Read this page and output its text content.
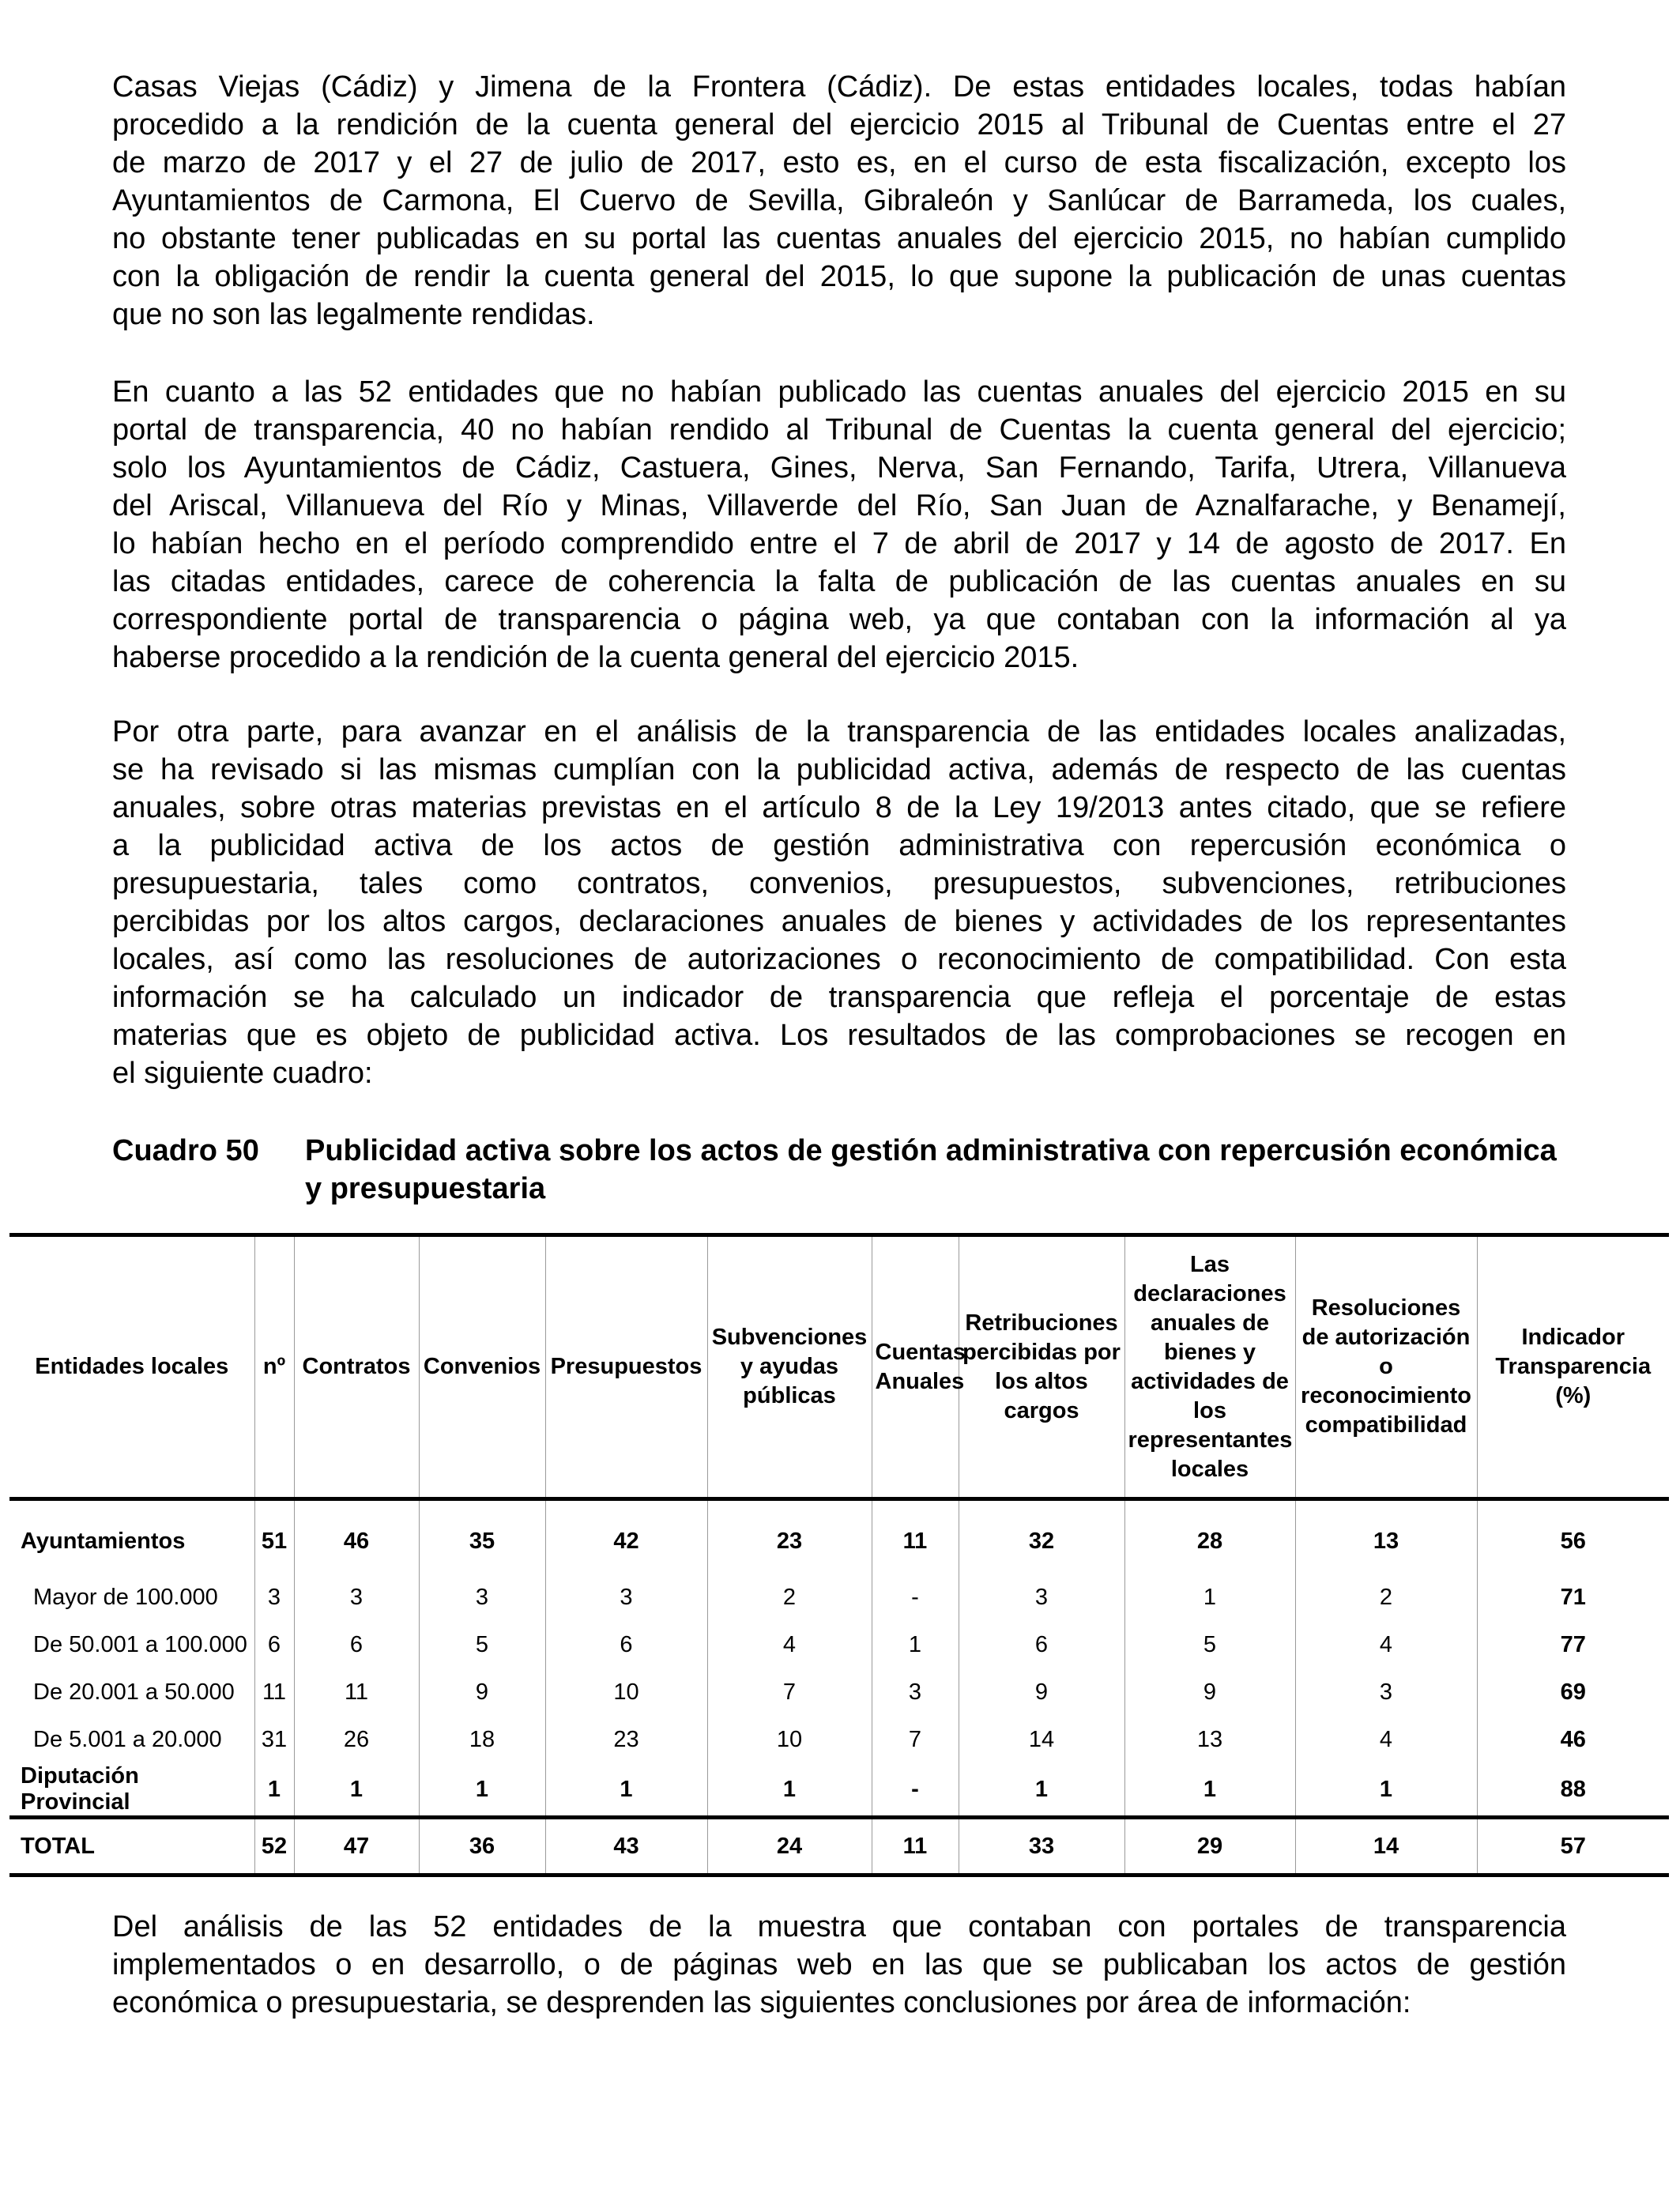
Casas Viejas (Cádiz) y Jimena de la Frontera (Cádiz). De estas entidades locales, todas habían
procedido a la rendición de la cuenta general del ejercicio 2015 al Tribunal de Cuentas entre el 27
de marzo de 2017 y el 27 de julio de 2017, esto es, en el curso de esta fiscalización, excepto los
Ayuntamientos de Carmona, El Cuervo de Sevilla, Gibraleón y Sanlúcar de Barrameda, los cuales,
no obstante tener publicadas en su portal las cuentas anuales del ejercicio 2015, no habían cumplido
con la obligación de rendir la cuenta general del 2015, lo que supone la publicación de unas cuentas
que no son las legalmente rendidas.
En cuanto a las 52 entidades que no habían publicado las cuentas anuales del ejercicio 2015 en su
portal de transparencia, 40 no habían rendido al Tribunal de Cuentas la cuenta general del ejercicio;
solo los Ayuntamientos de Cádiz, Castuera, Gines, Nerva, San Fernando, Tarifa, Utrera, Villanueva
del Ariscal, Villanueva del Río y Minas, Villaverde del Río, San Juan de Aznalfarache, y Benamejí,
lo habían hecho en el período comprendido entre el 7 de abril de 2017 y 14 de agosto de 2017. En
las citadas entidades, carece de coherencia la falta de publicación de las cuentas anuales en su
correspondiente portal de transparencia o página web, ya que contaban con la información al ya
haberse procedido a la rendición de la cuenta general del ejercicio 2015.
Por otra parte, para avanzar en el análisis de la transparencia de las entidades locales analizadas,
se ha revisado si las mismas cumplían con la publicidad activa, además de respecto de las cuentas
anuales, sobre otras materias previstas en el artículo 8 de la Ley 19/2013 antes citado, que se refiere
a la publicidad activa de los actos de gestión administrativa con repercusión económica o
presupuestaria, tales como contratos, convenios, presupuestos, subvenciones, retribuciones
percibidas por los altos cargos, declaraciones anuales de bienes y actividades de los representantes
locales, así como las resoluciones de autorizaciones o reconocimiento de compatibilidad. Con esta
información se ha calculado un indicador de transparencia que refleja el porcentaje de estas
materias que es objeto de publicidad activa. Los resultados de las comprobaciones se recogen en
el siguiente cuadro:
Cuadro 50 Publicidad activa sobre los actos de gestión administrativa con repercusión económica y presupuestaria
Entidades locales	nº	Contratos	Convenios	Presupuestos	Subvenciones y ayudas públicas	Cuentas Anuales	Retribuciones percibidas por los altos cargos	Las declaraciones anuales de bienes y actividades de los representantes locales	Resoluciones de autorización o reconocimiento compatibilidad	Indicador Transparencia (%)
Ayuntamientos	51	46	35	42	23	11	32	28	13	56
Mayor de 100.000	3	3	3	3	2	-	3	1	2	71
De 50.001 a 100.000	6	6	5	6	4	1	6	5	4	77
De 20.001 a 50.000	11	11	9	10	7	3	9	9	3	69
De 5.001 a 20.000	31	26	18	23	10	7	14	13	4	46
Diputación Provincial	1	1	1	1	1	-	1	1	1	88
TOTAL	52	47	36	43	24	11	33	29	14	57
Del análisis de las 52 entidades de la muestra que contaban con portales de transparencia
implementados o en desarrollo, o de páginas web en las que se publicaban los actos de gestión
económica o presupuestaria, se desprenden las siguientes conclusiones por área de información:
